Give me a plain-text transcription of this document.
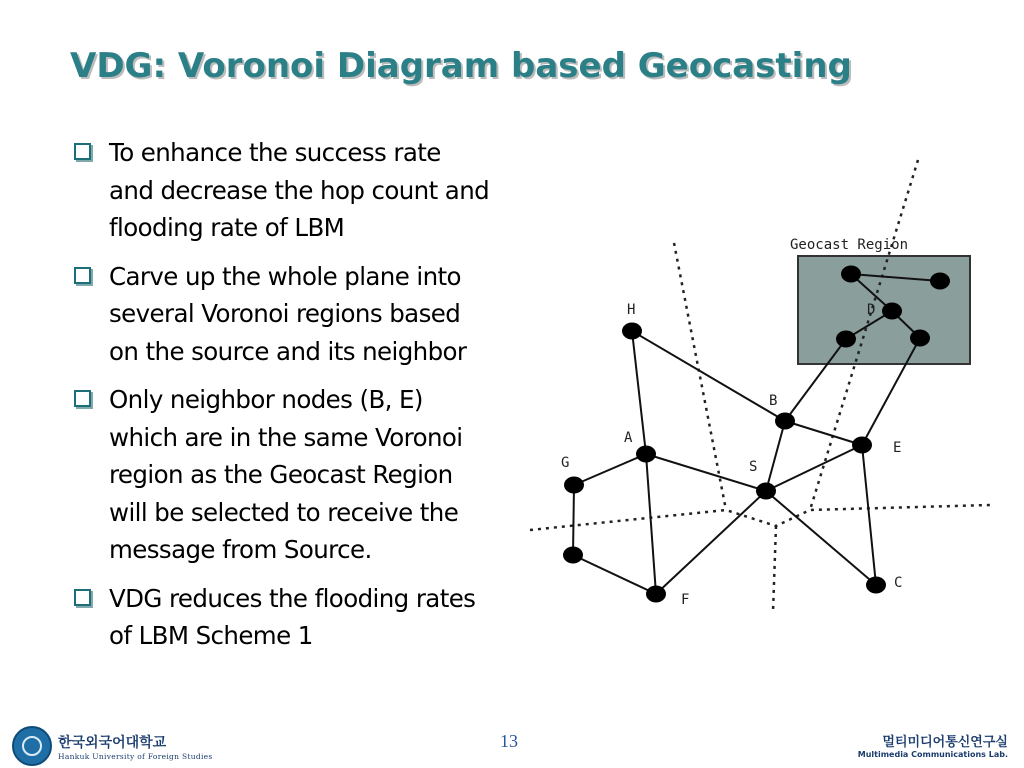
VDG: Voronoi Diagram based Geocasting
To enhance the success rate
and decrease the hop count and
flooding rate of LBM
Carve up the whole plane into
several Voronoi regions based
on the source and its neighbor
Only neighbor nodes (B, E)
which are in the same Voronoi
region as the Geocast Region
will be selected to receive the
message from Source.
VDG reduces the flooding rates
of LBM Scheme 1
Geocast Region
H
A
G
B
S
E
C
F
D
한국외국어대학교
Hankuk University of Foreign Studies
13	멀티미디어통신연구실
Multimedia Communications Lab.
